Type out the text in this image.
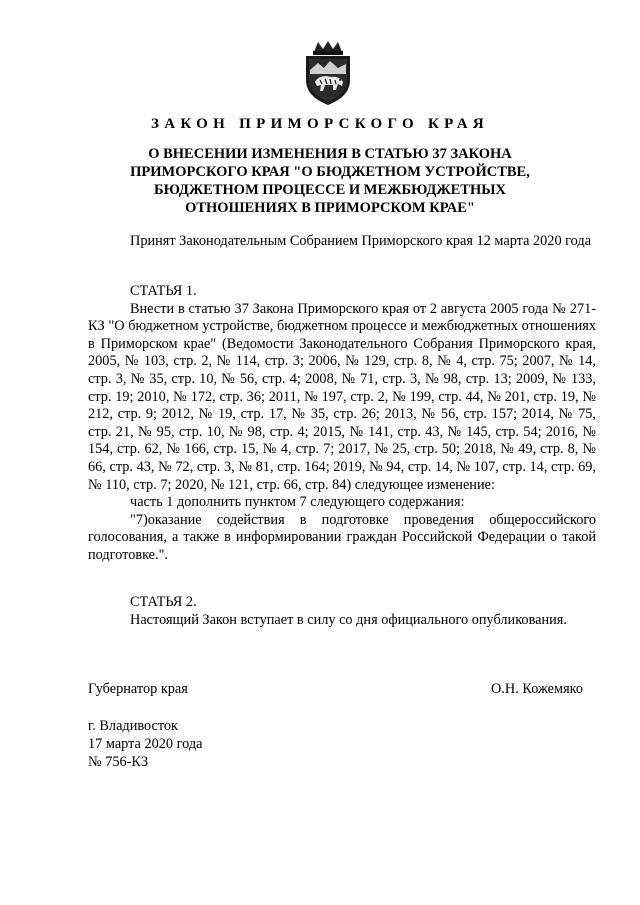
ЗАКОН ПРИМОРСКОГО КРАЯ
О ВНЕСЕНИИ ИЗМЕНЕНИЯ В СТАТЬЮ 37 ЗАКОНА
ПРИМОРСКОГО КРАЯ "О БЮДЖЕТНОМ УСТРОЙСТВЕ,
БЮДЖЕТНОМ ПРОЦЕССЕ И МЕЖБЮДЖЕТНЫХ
ОТНОШЕНИЯХ В ПРИМОРСКОМ КРАЕ"

Принят Законодательным Собранием Приморского края 12 марта 2020 года

СТАТЬЯ 1.

Внести в статью 37 Закона Приморского края от 2 августа 2005 года № 271-КЗ "О бюджетном устройстве, бюджетном процессе и межбюджетных отношениях в Приморском крае" (Ведомости Законодательного Собрания Приморского края, 2005, № 103, стр. 2, № 114, стр. 3; 2006, № 129, стр. 8, № 4, стр. 75; 2007, № 14, стр. 3, № 35, стр. 10, № 56, стр. 4; 2008, № 71, стр. 3, № 98, стр. 13; 2009, № 133, стр. 19; 2010, № 172, стр. 36; 2011, № 197, стр. 2, № 199, стр. 44, № 201, стр. 19, № 212, стр. 9; 2012, № 19, стр. 17, № 35, стр. 26; 2013, № 56, стр. 157; 2014, № 75, стр. 21, № 95, стр. 10, № 98, стр. 4; 2015, № 141, стр. 43, № 145, стр. 54; 2016, № 154, стр. 62, № 166, стр. 15, № 4, стр. 7; 2017, № 25, стр. 50; 2018, № 49, стр. 8, № 66, стр. 43, № 72, стр. 3, № 81, стр. 164; 2019, № 94, стр. 14, № 107, стр. 14, стр. 69, № 110, стр. 7; 2020, № 121, стр. 66, стр. 84) следующее изменение:

часть 1 дополнить пунктом 7 следующего содержания:

"7)оказание содействия в подготовке проведения общероссийского голосования, а также в информировании граждан Российской Федерации о такой подготовке.".

СТАТЬЯ 2.

Настоящий Закон вступает в силу со дня официального опубликования.

Губернатор края	О.Н. Кожемяко
г. Владивосток
17 марта 2020 года
№ 756-КЗ
